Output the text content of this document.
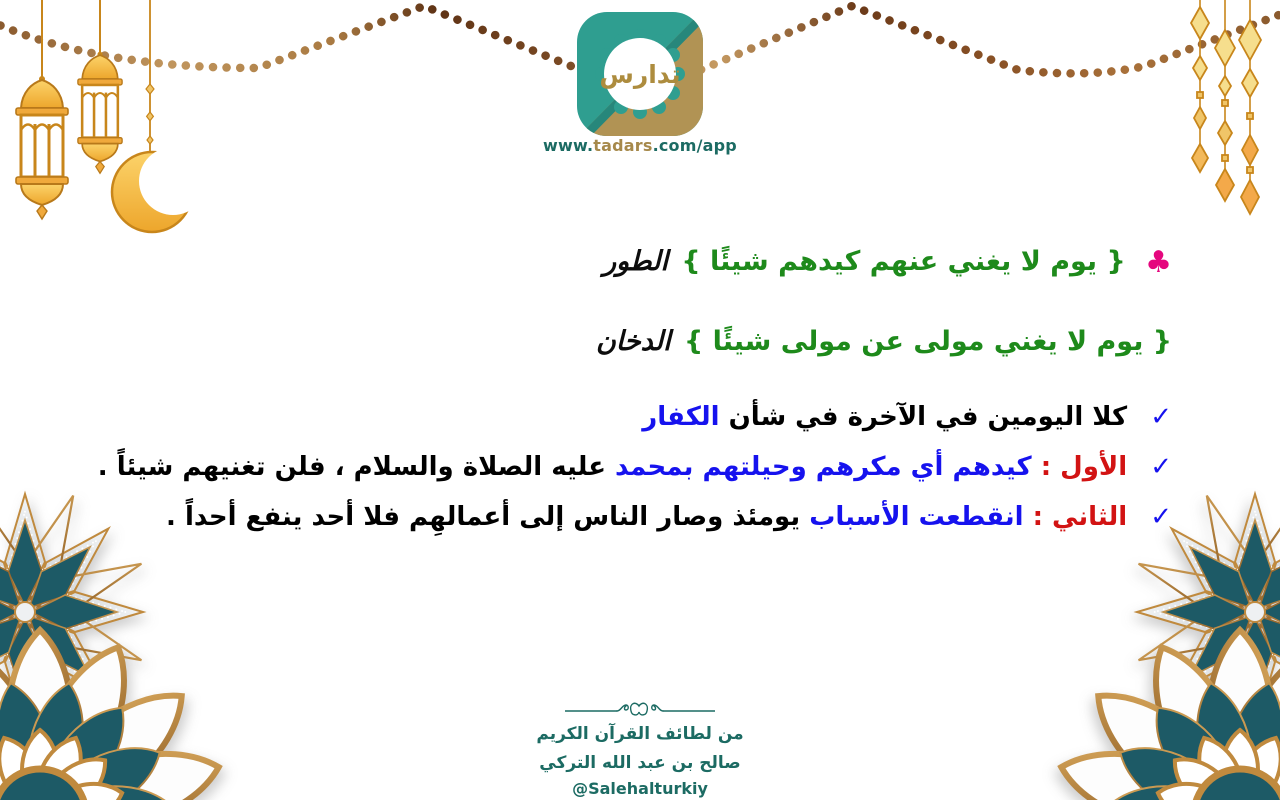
تدارس
www.tadars.com/app
♣ { يوم لا يغني عنهم كيدهم شيئًا } الطور
{ يوم لا يغني مولى عن مولى شيئًا } الدخان
✓ كلا اليومين في الآخرة في شأن الكفار
✓ الأول : كيدهم أي مكرهم وحيلتهم بمحمد عليه الصلاة والسلام ، فلن تغنيهم شيئاً .
✓ الثاني : انقطعت الأسباب يومئذ وصار الناس إلى أعمالهِم فلا أحد ينفع أحداً .
من لطائف القرآن الكريم
صالح بن عبد الله التركي
@Salehalturkiy
